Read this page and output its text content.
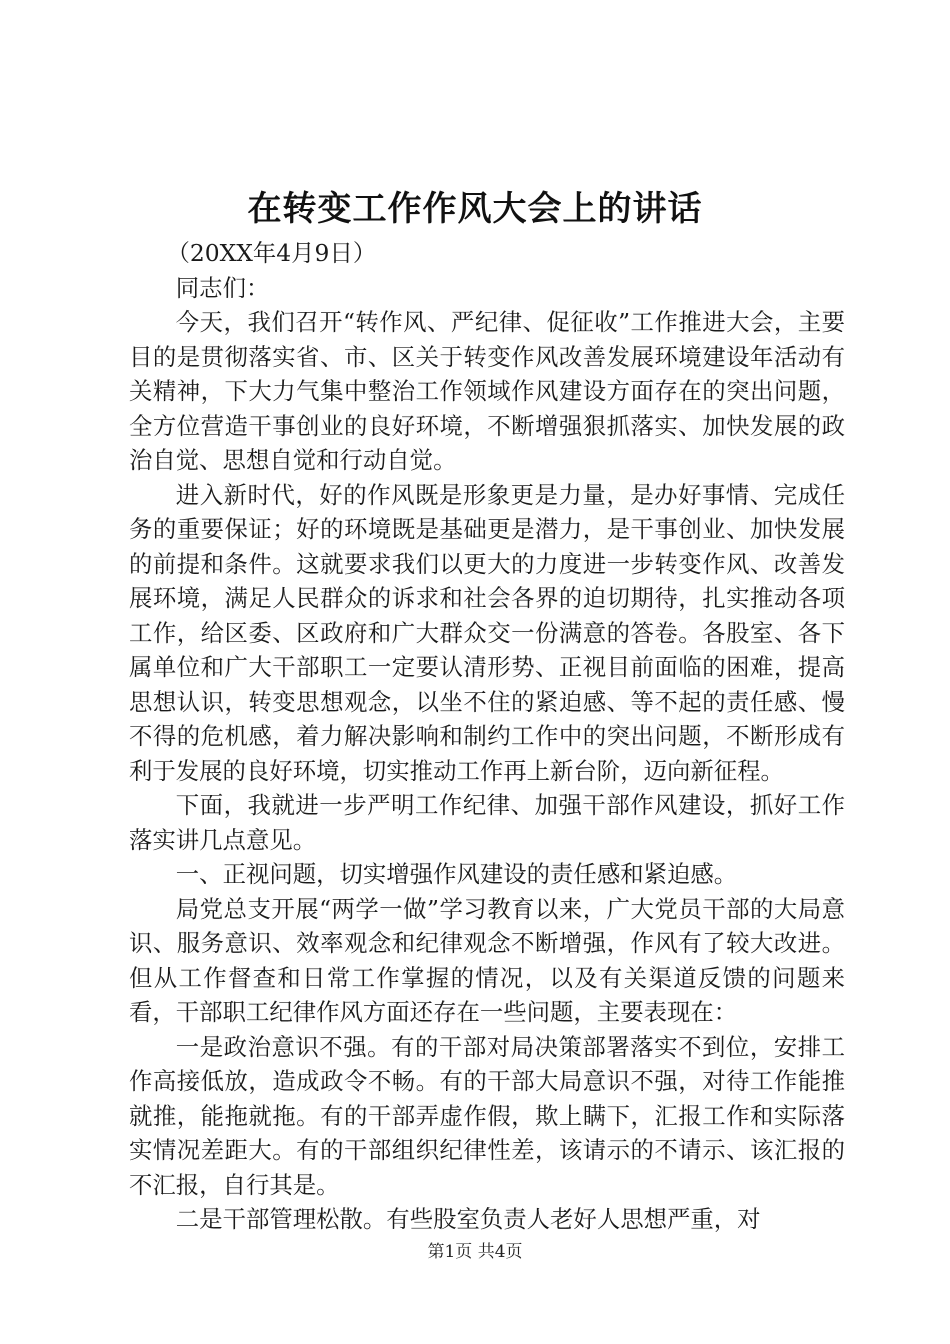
在转变工作作风大会上的讲话

（20XX年4月9日）

同志们：

今天，我们召开“转作风、严纪律、促征收”工作推进大会，主要目的是贯彻落实省、市、区关于转变作风改善发展环境建设年活动有关精神，下大力气集中整治工作领域作风建设方面存在的突出问题，全方位营造干事创业的良好环境，不断增强狠抓落实、加快发展的政治自觉、思想自觉和行动自觉。

进入新时代，好的作风既是形象更是力量，是办好事情、完成任务的重要保证；好的环境既是基础更是潜力，是干事创业、加快发展的前提和条件。这就要求我们以更大的力度进一步转变作风、改善发展环境，满足人民群众的诉求和社会各界的迫切期待，扎实推动各项工作，给区委、区政府和广大群众交一份满意的答卷。各股室、各下属单位和广大干部职工一定要认清形势、正视目前面临的困难，提高思想认识，转变思想观念，以坐不住的紧迫感、等不起的责任感、慢不得的危机感，着力解决影响和制约工作中的突出问题，不断形成有利于发展的良好环境，切实推动工作再上新台阶，迈向新征程。

下面，我就进一步严明工作纪律、加强干部作风建设，抓好工作落实讲几点意见。

一、正视问题，切实增强作风建设的责任感和紧迫感。

局党总支开展“两学一做”学习教育以来，广大党员干部的大局意识、服务意识、效率观念和纪律观念不断增强，作风有了较大改进。但从工作督查和日常工作掌握的情况，以及有关渠道反馈的问题来看，干部职工纪律作风方面还存在一些问题，主要表现在：

一是政治意识不强。有的干部对局决策部署落实不到位，安排工作高接低放，造成政令不畅。有的干部大局意识不强，对待工作能推就推，能拖就拖。有的干部弄虚作假，欺上瞒下，汇报工作和实际落实情况差距大。有的干部组织纪律性差，该请示的不请示、该汇报的不汇报，自行其是。

二是干部管理松散。有些股室负责人老好人思想严重，对

第1页 共4页
